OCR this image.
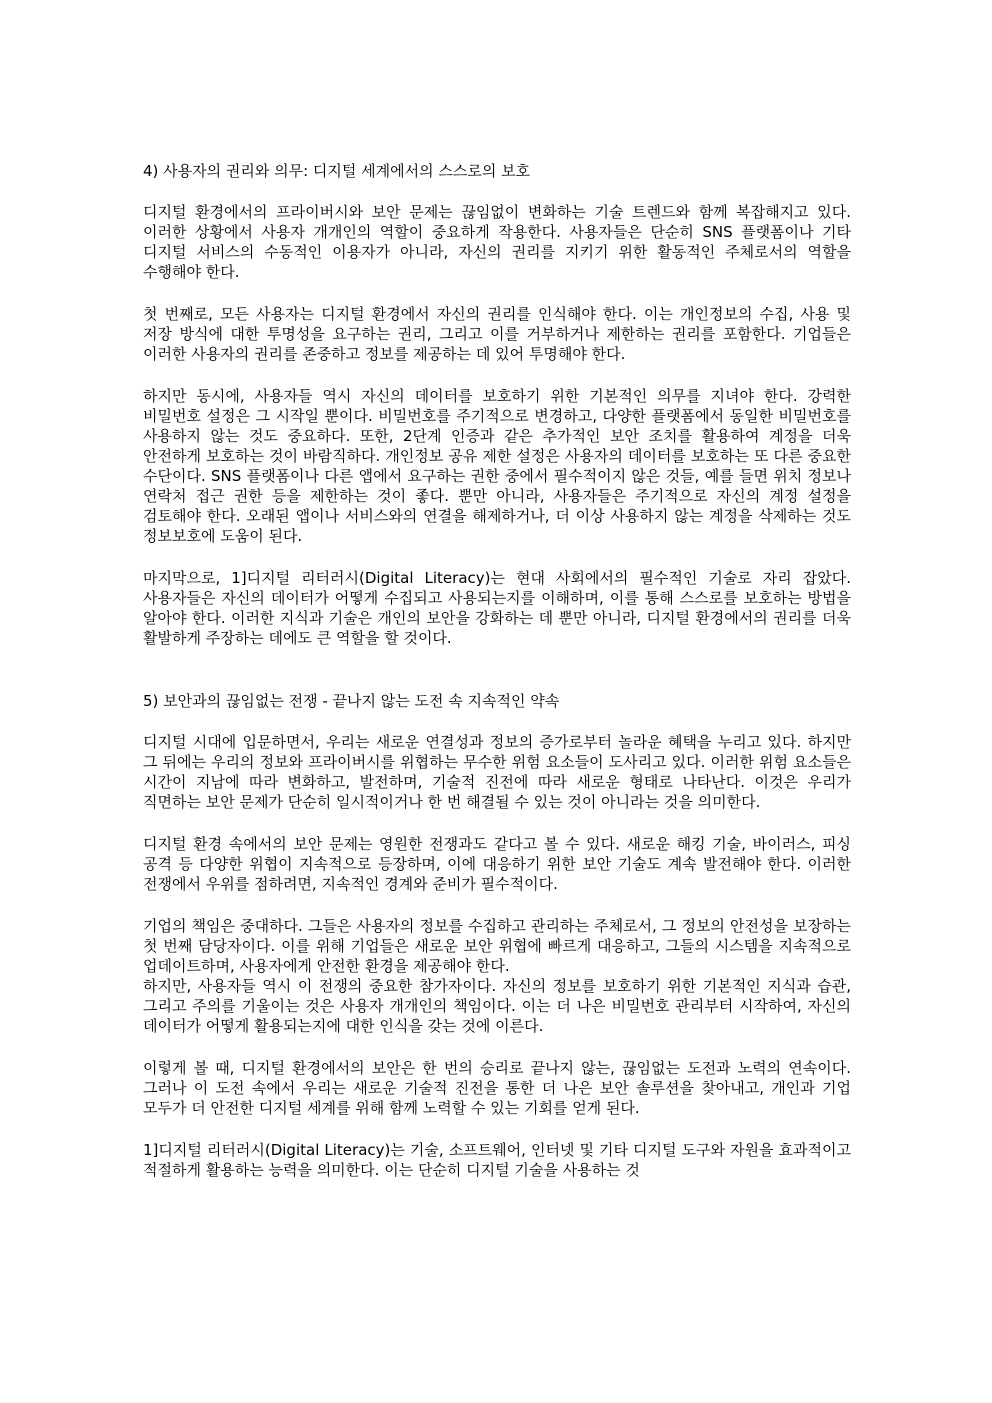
4) 사용자의 권리와 의무: 디지털 세계에서의 스스로의 보호

디지털 환경에서의 프라이버시와 보안 문제는 끊임없이 변화하는 기술 트렌드와 함께 복잡해지고 있다. 이러한 상황에서 사용자 개개인의 역할이 중요하게 작용한다. 사용자들은 단순히 SNS 플랫폼이나 기타 디지털 서비스의 수동적인 이용자가 아니라, 자신의 권리를 지키기 위한 활동적인 주체로서의 역할을 수행해야 한다.

첫 번째로, 모든 사용자는 디지털 환경에서 자신의 권리를 인식해야 한다. 이는 개인정보의 수집, 사용 및 저장 방식에 대한 투명성을 요구하는 권리, 그리고 이를 거부하거나 제한하는 권리를 포함한다. 기업들은 이러한 사용자의 권리를 존중하고 정보를 제공하는 데 있어 투명해야 한다.

하지만 동시에, 사용자들 역시 자신의 데이터를 보호하기 위한 기본적인 의무를 지녀야 한다. 강력한 비밀번호 설정은 그 시작일 뿐이다. 비밀번호를 주기적으로 변경하고, 다양한 플랫폼에서 동일한 비밀번호를 사용하지 않는 것도 중요하다. 또한, 2단계 인증과 같은 추가적인 보안 조치를 활용하여 계정을 더욱 안전하게 보호하는 것이 바람직하다. 개인정보 공유 제한 설정은 사용자의 데이터를 보호하는 또 다른 중요한 수단이다. SNS 플랫폼이나 다른 앱에서 요구하는 권한 중에서 필수적이지 않은 것들, 예를 들면 위치 정보나 연락처 접근 권한 등을 제한하는 것이 좋다. 뿐만 아니라, 사용자들은 주기적으로 자신의 계정 설정을 검토해야 한다. 오래된 앱이나 서비스와의 연결을 해제하거나, 더 이상 사용하지 않는 계정을 삭제하는 것도 정보보호에 도움이 된다.

마지막으로, 1]디지털 리터러시(Digital Literacy)는 현대 사회에서의 필수적인 기술로 자리 잡았다. 사용자들은 자신의 데이터가 어떻게 수집되고 사용되는지를 이해하며, 이를 통해 스스로를 보호하는 방법을 알아야 한다. 이러한 지식과 기술은 개인의 보안을 강화하는 데 뿐만 아니라, 디지털 환경에서의 권리를 더욱 활발하게 주장하는 데에도 큰 역할을 할 것이다.

5) 보안과의 끊임없는 전쟁 - 끝나지 않는 도전 속 지속적인 약속

디지털 시대에 입문하면서, 우리는 새로운 연결성과 정보의 증가로부터 놀라운 혜택을 누리고 있다. 하지만 그 뒤에는 우리의 정보와 프라이버시를 위협하는 무수한 위험 요소들이 도사리고 있다. 이러한 위험 요소들은 시간이 지남에 따라 변화하고, 발전하며, 기술적 진전에 따라 새로운 형태로 나타난다. 이것은 우리가 직면하는 보안 문제가 단순히 일시적이거나 한 번 해결될 수 있는 것이 아니라는 것을 의미한다.

디지털 환경 속에서의 보안 문제는 영원한 전쟁과도 같다고 볼 수 있다. 새로운 해킹 기술, 바이러스, 피싱 공격 등 다양한 위협이 지속적으로 등장하며, 이에 대응하기 위한 보안 기술도 계속 발전해야 한다. 이러한 전쟁에서 우위를 점하려면, 지속적인 경계와 준비가 필수적이다.

기업의 책임은 중대하다. 그들은 사용자의 정보를 수집하고 관리하는 주체로서, 그 정보의 안전성을 보장하는 첫 번째 담당자이다. 이를 위해 기업들은 새로운 보안 위협에 빠르게 대응하고, 그들의 시스템을 지속적으로 업데이트하며, 사용자에게 안전한 환경을 제공해야 한다.

하지만, 사용자들 역시 이 전쟁의 중요한 참가자이다. 자신의 정보를 보호하기 위한 기본적인 지식과 습관, 그리고 주의를 기울이는 것은 사용자 개개인의 책임이다. 이는 더 나은 비밀번호 관리부터 시작하여, 자신의 데이터가 어떻게 활용되는지에 대한 인식을 갖는 것에 이른다.

이렇게 볼 때, 디지털 환경에서의 보안은 한 번의 승리로 끝나지 않는, 끊임없는 도전과 노력의 연속이다. 그러나 이 도전 속에서 우리는 새로운 기술적 진전을 통한 더 나은 보안 솔루션을 찾아내고, 개인과 기업 모두가 더 안전한 디지털 세계를 위해 함께 노력할 수 있는 기회를 얻게 된다.

1]디지털 리터러시(Digital Literacy)는 기술, 소프트웨어, 인터넷 및 기타 디지털 도구와 자원을 효과적이고 적절하게 활용하는 능력을 의미한다. 이는 단순히 디지털 기술을 사용하는 것
